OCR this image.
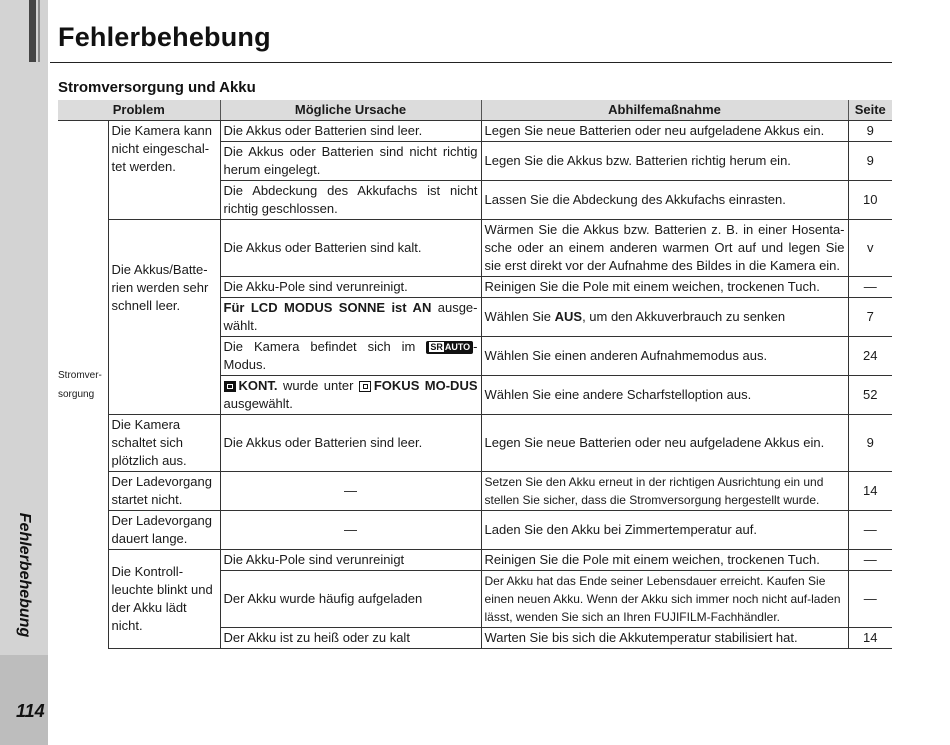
Fehlerbehebung
114
Fehlerbehebung
Stromversorgung und Akku
Problem		Mögliche Ursache	Abhilfemaßnahme	Seite
Stromver-sorgung	Die Kamera kann nicht eingeschal-tet werden.	Die Akkus oder Batterien sind leer.	Legen Sie neue Batterien oder neu aufgeladene Akkus ein.	9
		Die Akkus oder Batterien sind nicht richtig herum eingelegt.	Legen Sie die Akkus bzw. Batterien richtig herum ein.	9
		Die Abdeckung des Akkufachs ist nicht richtig geschlossen.	Lassen Sie die Abdeckung des Akkufachs einrasten.	10
	Die Akkus/Batte-rien werden sehr schnell leer.	Die Akkus oder Batterien sind kalt.	Wärmen Sie die Akkus bzw. Batterien z. B. in einer Hosenta-sche oder an einem anderen warmen Ort auf und legen Sie sie erst direkt vor der Aufnahme des Bildes in die Kamera ein.	v
		Die Akku-Pole sind verunreinigt.	Reinigen Sie die Pole mit einem weichen, trockenen Tuch.	—
		Für LCD MODUS SONNE ist AN ausge-wählt.	Wählen Sie AUS, um den Akkuverbrauch zu senken	7
		Die Kamera befindet sich im SR AUTO -Modus.	Wählen Sie einen anderen Aufnahmemodus aus.	24
		KONT. wurde unter FOKUS MO-DUS ausgewählt.	Wählen Sie eine andere Scharfstelloption aus.	52
	Die Kamera schaltet sich plötzlich aus.	Die Akkus oder Batterien sind leer.	Legen Sie neue Batterien oder neu aufgeladene Akkus ein.	9
	Der Ladevorgang startet nicht.	—	Setzen Sie den Akku erneut in der richtigen Ausrichtung ein und stellen Sie sicher, dass die Stromversorgung hergestellt wurde.	14
	Der Ladevorgang dauert lange.	—	Laden Sie den Akku bei Zimmertemperatur auf.	—
	Die Kontroll-leuchte blinkt und der Akku lädt nicht.	Die Akku-Pole sind verunreinigt	Reinigen Sie die Pole mit einem weichen, trockenen Tuch.	—
		Der Akku wurde häufig aufgeladen	Der Akku hat das Ende seiner Lebensdauer erreicht. Kaufen Sie einen neuen Akku. Wenn der Akku sich immer noch nicht auf-laden lässt, wenden Sie sich an Ihren FUJIFILM-Fachhändler.	—
		Der Akku ist zu heiß oder zu kalt	Warten Sie bis sich die Akkutemperatur stabilisiert hat.	14
